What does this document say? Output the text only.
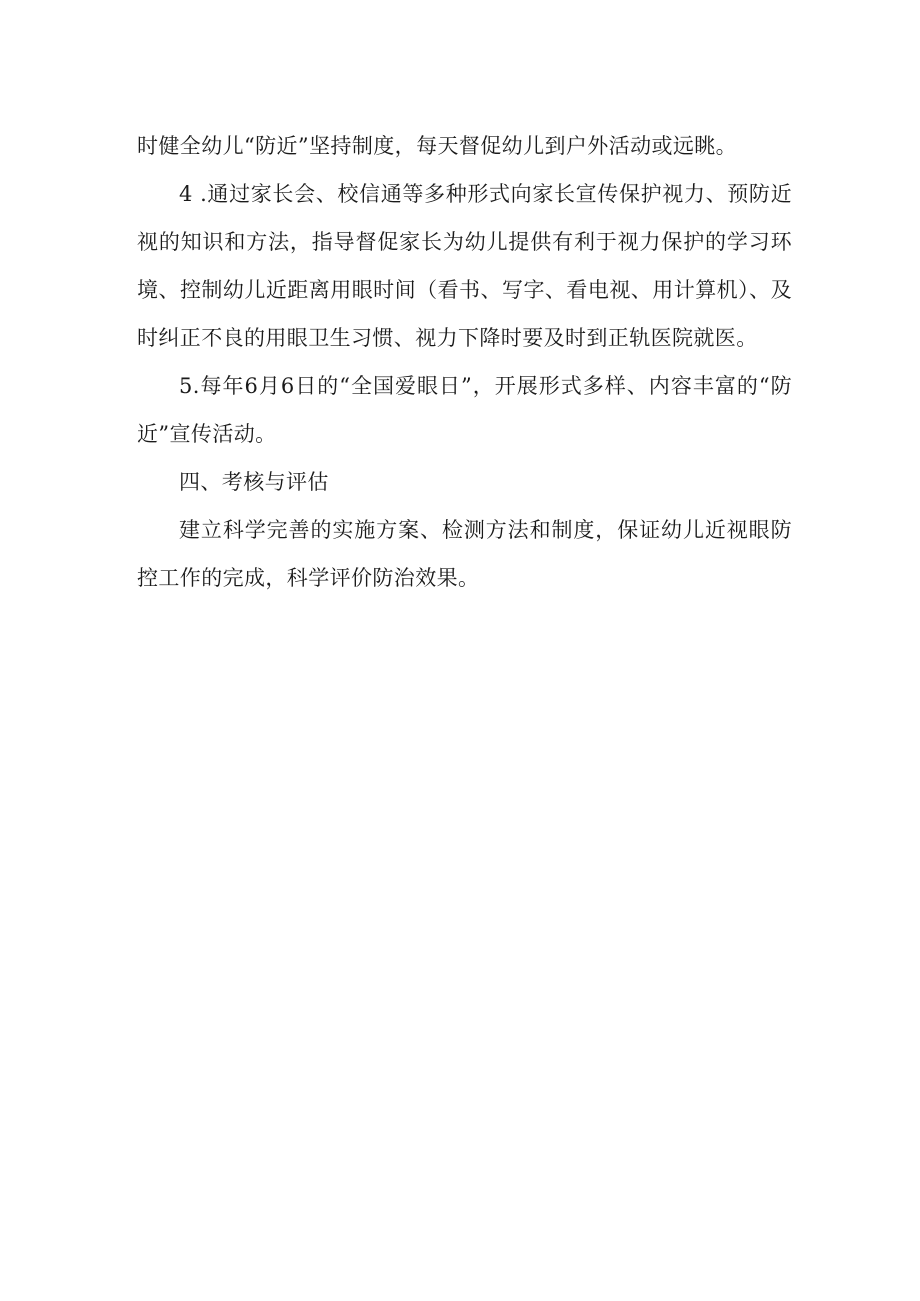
时健全幼儿“防近”坚持制度，每天督促幼儿到户外活动或远眺。

4 .通过家长会、校信通等多种形式向家长宣传保护视力、预防近视的知识和方法，指导督促家长为幼儿提供有利于视力保护的学习环境、控制幼儿近距离用眼时间（看书、写字、看电视、用计算机）、及时纠正不良的用眼卫生习惯、视力下降时要及时到正轨医院就医。

5.每年6月6日的“全国爱眼日”，开展形式多样、内容丰富的“防近”宣传活动。

四、考核与评估

建立科学完善的实施方案、检测方法和制度，保证幼儿近视眼防控工作的完成，科学评价防治效果。
